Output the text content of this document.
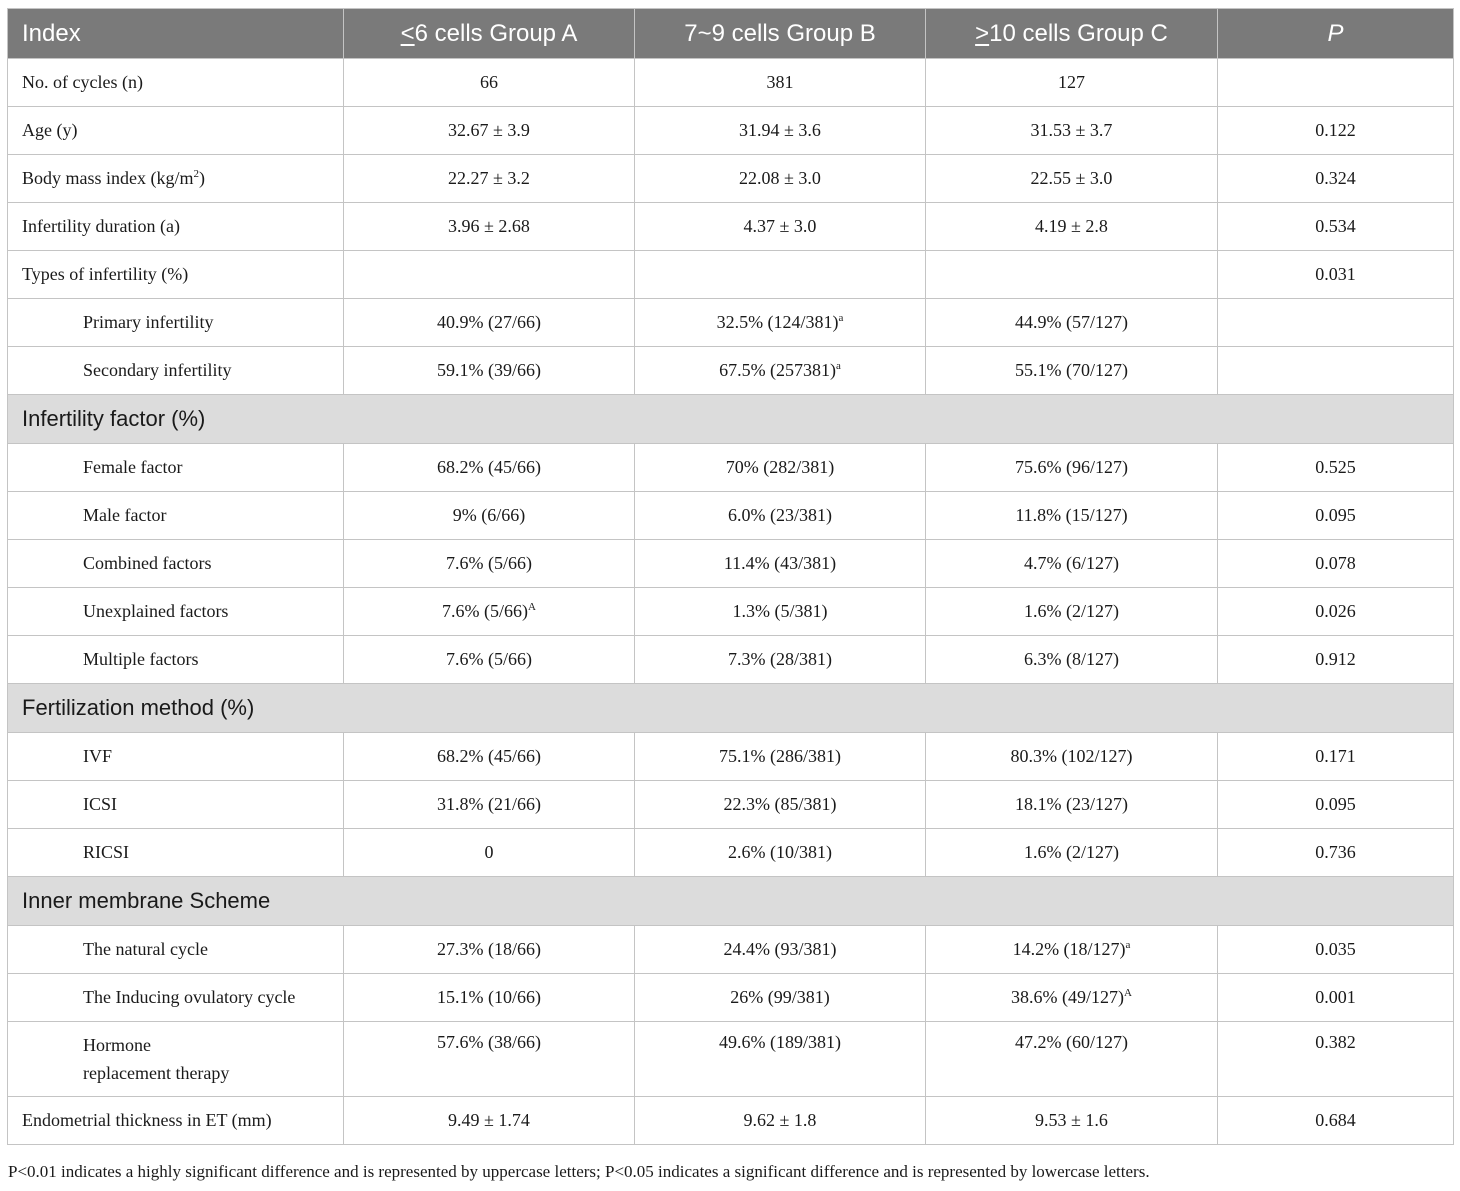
Index	≤6 cells Group A	7~9 cells Group B	≥10 cells Group C	P
No. of cycles (n)	66	381	127	
Age (y)	32.67 ± 3.9	31.94 ± 3.6	31.53 ± 3.7	0.122
Body mass index $(kg/m^2)$	22.27 ± 3.2	22.08 ± 3.0	22.55 ± 3.0	0.324
Infertility duration (a)	3.96 ± 2.68	4.37 ± 3.0	4.19 ± 2.8	0.534
Types of infertility (%)				0.031
Primary infertility	40.9% (27/66)	32.5% $(124/381)^a$	44.9% (57/127)	
Secondary infertility	59.1% (39/66)	67.5% $(257381)^a$	55.1% (70/127)	
Infertility factor (%)				
Female factor	68.2% (45/66)	70% (282/381)	75.6% (96/127)	0.525
Male factor	9% (6/66)	6.0% (23/381)	11.8% (15/127)	0.095
Combined factors	7.6% (5/66)	11.4% (43/381)	4.7% (6/127)	0.078
Unexplained factors	7.6% $(5/66)^A$	1.3% (5/381)	1.6% (2/127)	0.026
Multiple factors	7.6% (5/66)	7.3% (28/381)	6.3% (8/127)	0.912
Fertilization method (%)				
IVF	68.2% (45/66)	75.1% (286/381)	80.3% (102/127)	0.171
ICSI	31.8% (21/66)	22.3% (85/381)	18.1% (23/127)	0.095
RICSI	0	2.6% (10/381)	1.6% (2/127)	0.736
Inner membrane Scheme				
The natural cycle	27.3% (18/66)	24.4% (93/381)	14.2% $(18/127)^a$	0.035
The Inducing ovulatory cycle	15.1% (10/66)	26% (99/381)	38.6% $(49/127)^A$	0.001
Hormone
replacement therapy	57.6% (38/66)	49.6% (189/381)	47.2% (60/127)	0.382
Endometrial thickness in ET (mm)	9.49 ± 1.74	9.62 ± 1.8	9.53 ± 1.6	0.684
P<0.01 indicates a highly significant difference and is represented by uppercase letters; P<0.05 indicates a significant difference and is represented by lowercase letters.
